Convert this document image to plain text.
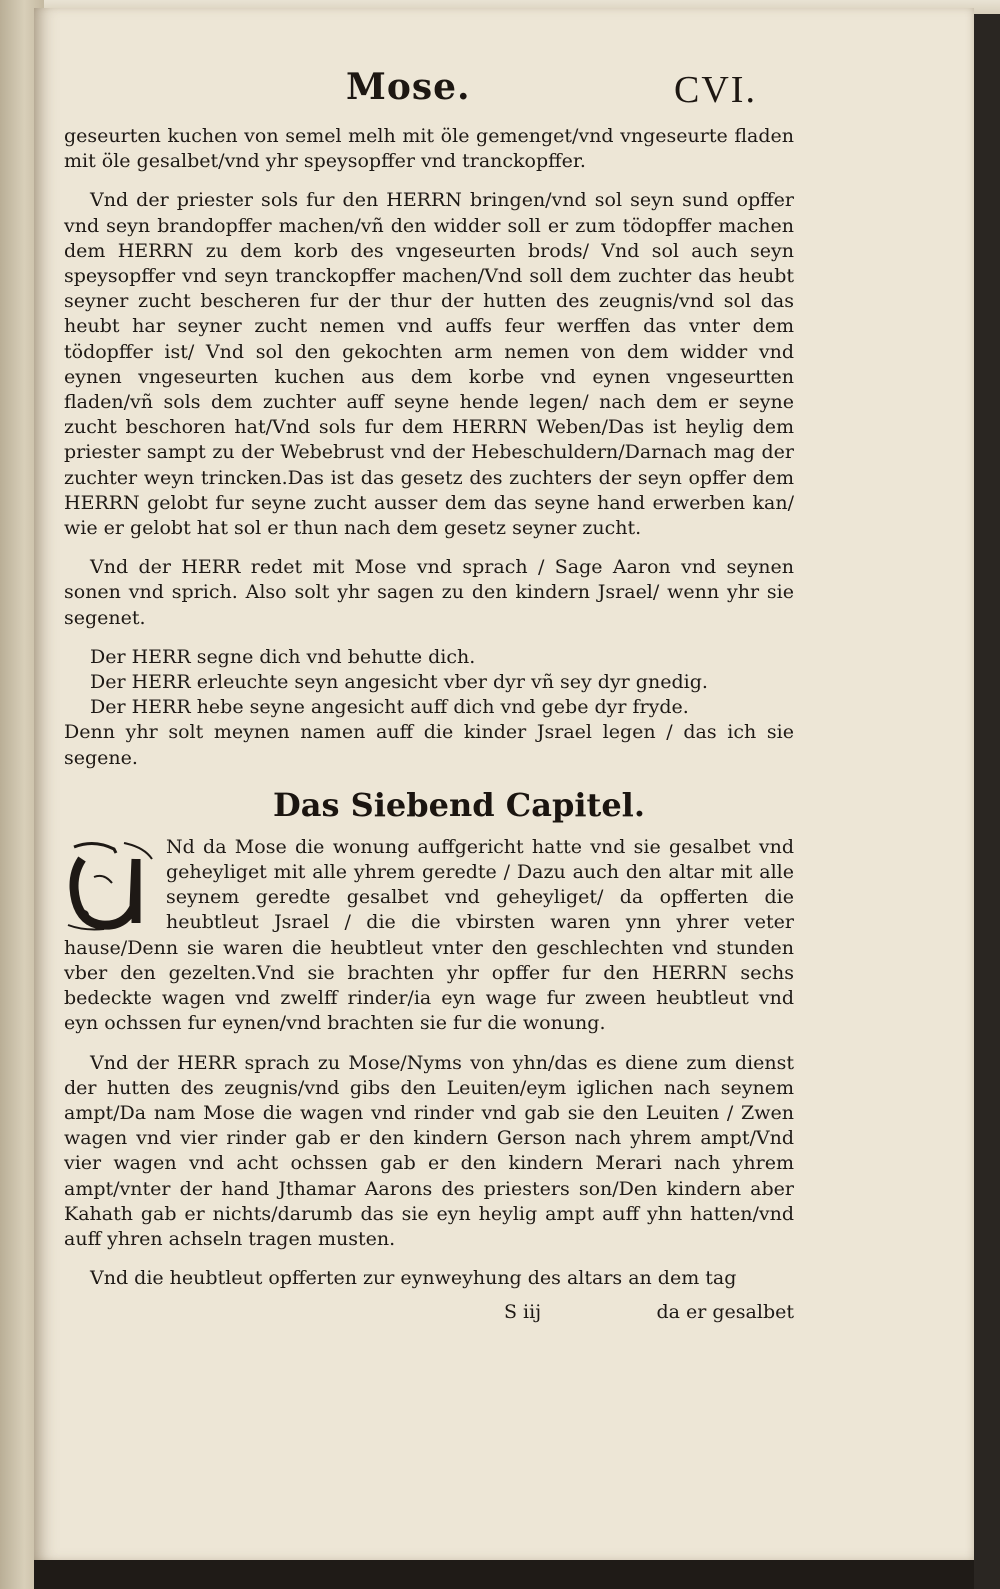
Mose.	CVI.

geseurten kuchen von semel melh mit öle gemenget/vnd vngeseurte fladen mit öle gesalbet/vnd yhr speysopffer vnd tranckopffer.

Vnd der priester sols fur den HERRN bringen/vnd sol seyn sund opffer vnd seyn brandopffer machen/vñ den widder soll er zum tödopffer machen dem HERRN zu dem korb des vngeseurten brods/ Vnd sol auch seyn speysopffer vnd seyn tranckopffer machen/Vnd soll dem zuchter das heubt seyner zucht bescheren fur der thur der hutten des zeugnis/vnd sol das heubt har seyner zucht nemen vnd auffs feur werffen das vnter dem tödopffer ist/ Vnd sol den gekochten arm nemen von dem widder vnd eynen vngeseurten kuchen aus dem korbe vnd eynen vngeseurtten fladen/vñ sols dem zuchter auff seyne hende legen/ nach dem er seyne zucht beschoren hat/Vnd sols fur dem HERRN Weben/Das ist heylig dem priester sampt zu der Webebrust vnd der Hebeschuldern/Darnach mag der zuchter weyn trincken.Das ist das gesetz des zuchters der seyn opffer dem HERRN gelobt fur seyne zucht ausser dem das seyne hand erwerben kan/ wie er gelobt hat sol er thun nach dem gesetz seyner zucht.

Vnd der HERR redet mit Mose vnd sprach / Sage Aaron vnd seynen sonen vnd sprich. Also solt yhr sagen zu den kindern Jsrael/ wenn yhr sie segenet.

Der HERR segne dich vnd behutte dich.

Der HERR erleuchte seyn angesicht vber dyr vñ sey dyr gnedig.

Der HERR hebe seyne angesicht auff dich vnd gebe dyr fryde.

Denn yhr solt meynen namen auff die kinder Jsrael legen / das ich sie segene.

Das Siebend Capitel.

Nd da Mose die wonung auffgericht hatte vnd sie gesalbet vnd geheyliget mit alle yhrem geredte / Dazu auch den altar mit alle seynem geredte gesalbet vnd geheyliget/ da opfferten die heubtleut Jsrael / die die vbirsten waren ynn yhrer veter hause/Denn sie waren die heubtleut vnter den geschlechten vnd stunden vber den gezelten.Vnd sie brachten yhr opffer fur den HERRN sechs bedeckte wagen vnd zwelff rinder/ia eyn wage fur zween heubtleut vnd eyn ochssen fur eynen/vnd brachten sie fur die wonung.

Vnd der HERR sprach zu Mose/Nyms von yhn/das es diene zum dienst der hutten des zeugnis/vnd gibs den Leuiten/eym iglichen nach seynem ampt/Da nam Mose die wagen vnd rinder vnd gab sie den Leuiten / Zwen wagen vnd vier rinder gab er den kindern Gerson nach yhrem ampt/Vnd vier wagen vnd acht ochssen gab er den kindern Merari nach yhrem ampt/vnter der hand Jthamar Aarons des priesters son/Den kindern aber Kahath gab er nichts/darumb das sie eyn heylig ampt auff yhn hatten/vnd auff yhren achseln tragen musten.

Vnd die heubtleut opfferten zur eynweyhung des altars an dem tag

S iij	da er gesalbet
